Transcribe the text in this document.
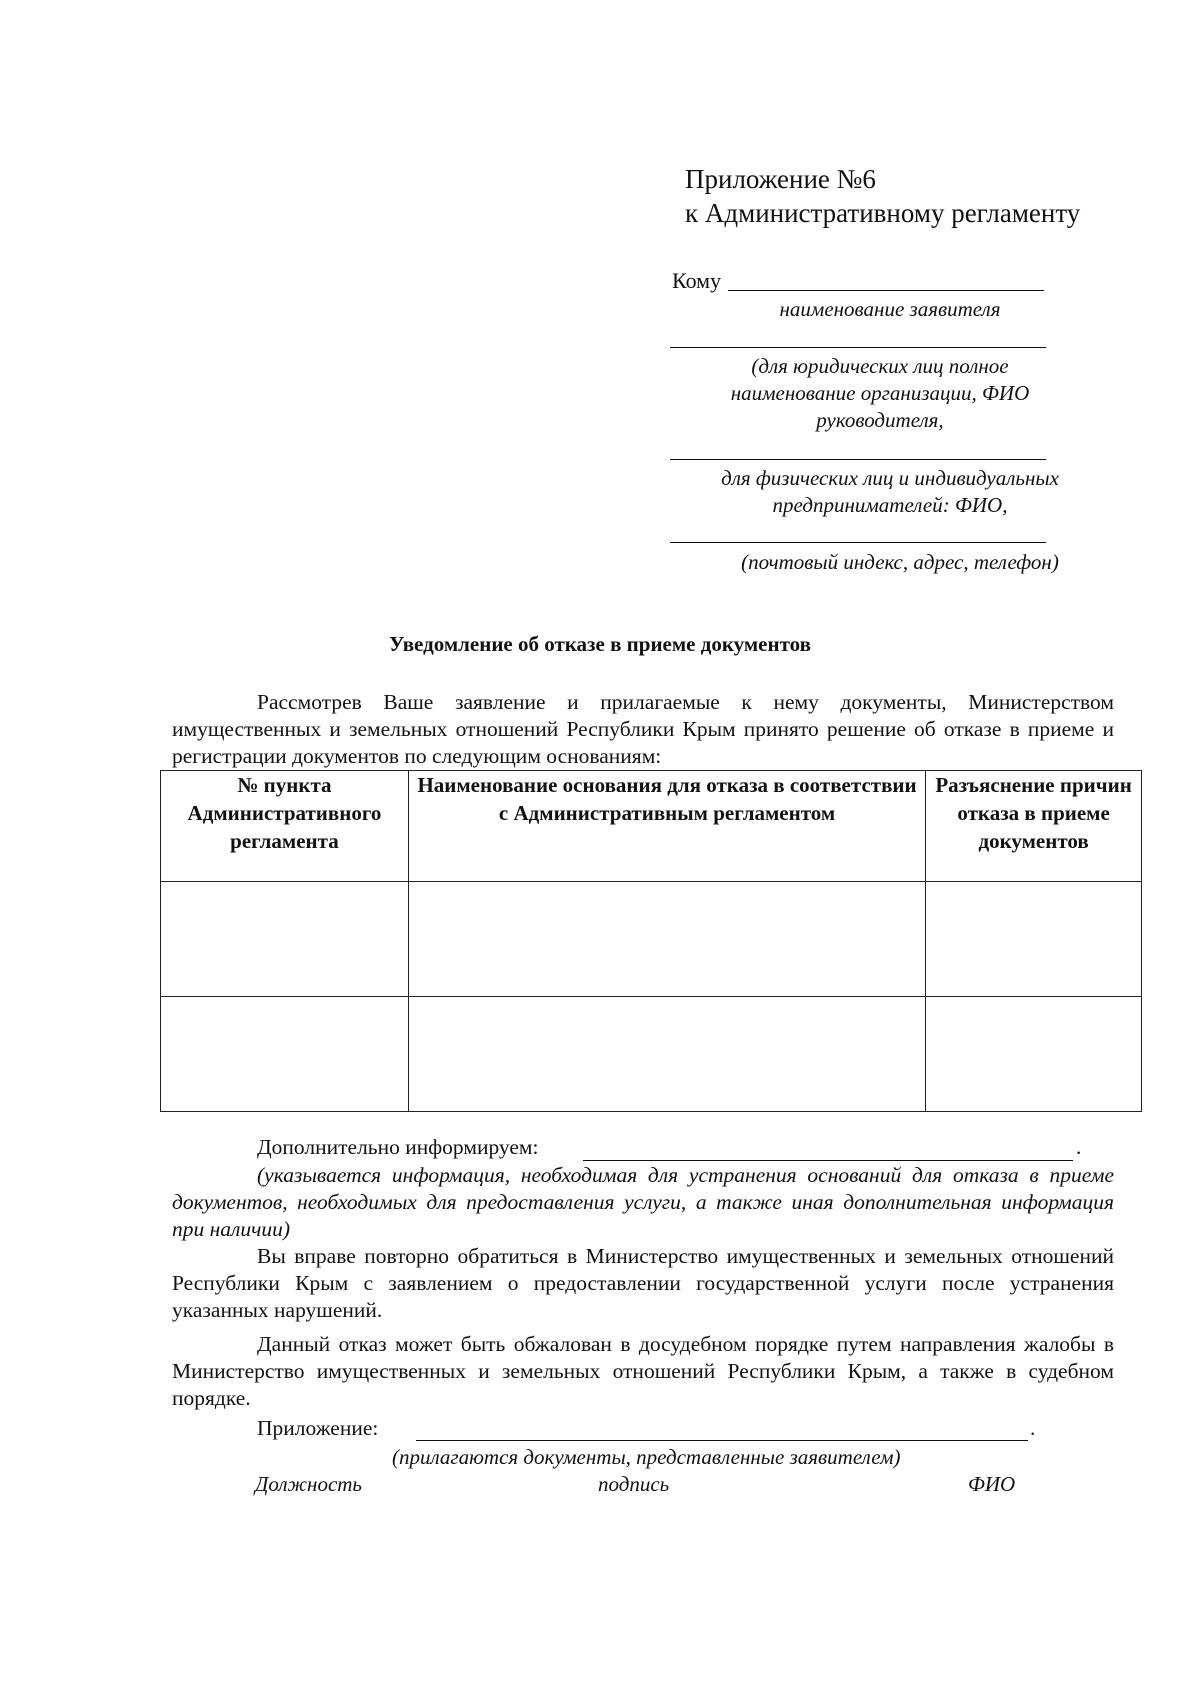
Приложение №6
к Административному регламенту
Кому
наименование заявителя
(для юридических лиц полное
наименование организации, ФИО
руководителя,
для физических лиц и индивидуальных
предпринимателей: ФИО,
(почтовый индекс, адрес, телефон)
Уведомление об отказе в приеме документов
Рассмотрев Ваше заявление и прилагаемые к нему документы, Министерством имущественных и земельных отношений Республики Крым принято решение об отказе в приеме и регистрации документов по следующим основаниям:
№ пункта Административного регламента	Наименование основания для отказа в соответствии с Административным регламентом	Разъяснение причин отказа в приеме документов

Дополнительно информируем:	.
(указывается информация, необходимая для устранения оснований для отказа в приеме документов, необходимых для предоставления услуги, а также иная дополнительная информация при наличии)
Вы вправе повторно обратиться в Министерство имущественных и земельных отношений Республики Крым с заявлением о предоставлении государственной услуги после устранения указанных нарушений.
Данный отказ может быть обжалован в досудебном порядке путем направления жалобы в Министерство имущественных и земельных отношений Республики Крым, а также в судебном порядке.
Приложение:	.
(прилагаются документы, представленные заявителем)
Должность	подпись	ФИО
